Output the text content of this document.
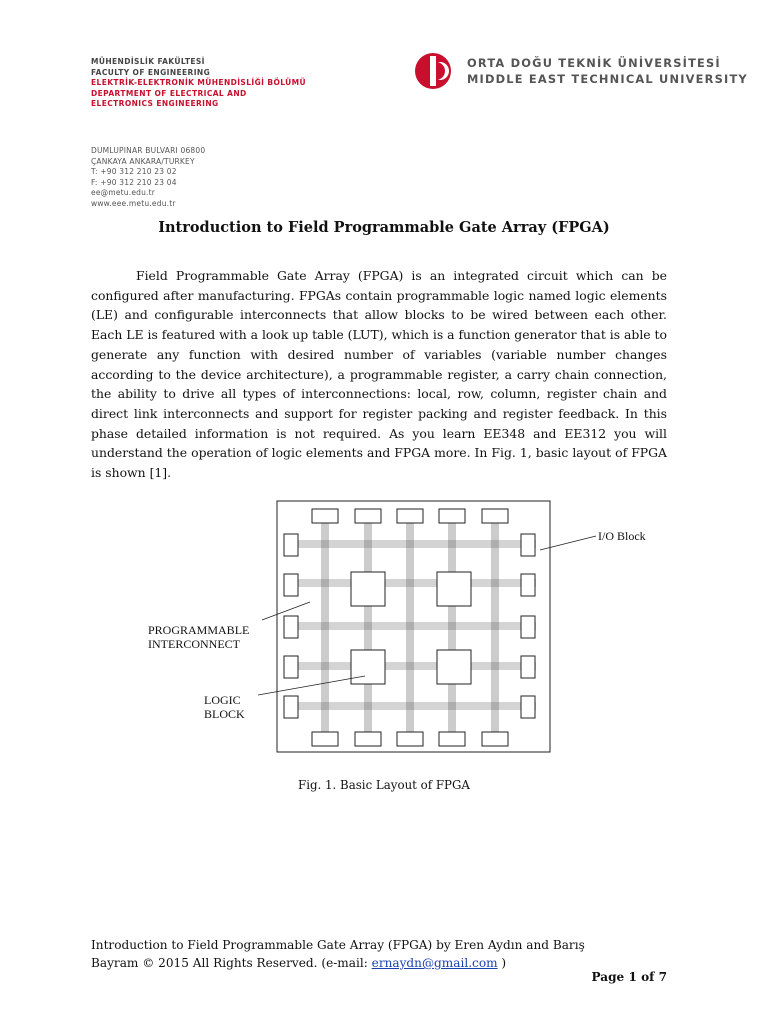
MÜHENDİSLİK FAKÜLTESİ
FACULTY OF ENGINEERING
ELEKTRİK-ELEKTRONİK MÜHENDİSLİĞİ BÖLÜMÜ
DEPARTMENT OF ELECTRICAL AND
ELECTRONICS ENGINEERING
DUMLUPINAR BULVARI 06800
ÇANKAYA ANKARA/TURKEY
T: +90 312 210 23 02
F: +90 312 210 23 04
ee@metu.edu.tr
www.eee.metu.edu.tr
ORTA DOĞU TEKNİK ÜNİVERSİTESİ
MIDDLE EAST TECHNICAL UNIVERSITY
Introduction to Field Programmable Gate Array (FPGA)

Field Programmable Gate Array (FPGA) is an integrated circuit which can be configured after manufacturing. FPGAs contain programmable logic named logic elements (LE) and configurable interconnects that allow blocks to be wired between each other. Each LE is featured with a look up table (LUT), which is a function generator that is able to generate any function with desired number of variables (variable number changes according to the device architecture), a programmable register, a carry chain connection, the ability to drive all types of interconnections: local, row, column, register chain and direct link interconnects and support for register packing and register feedback. In this phase detailed information is not required. As you learn EE348 and EE312 you will understand the operation of logic elements and FPGA more. In Fig. 1, basic layout of FPGA is shown [1].

I/O Block
PROGRAMMABLE
INTERCONNECT
LOGIC
BLOCK
Fig. 1. Basic Layout of FPGA
Introduction to Field Programmable Gate Array (FPGA) by Eren Aydın and Barış
Bayram © 2015 All Rights Reserved. (e-mail: ernaydn@gmail.com )
Page 1 of 7
